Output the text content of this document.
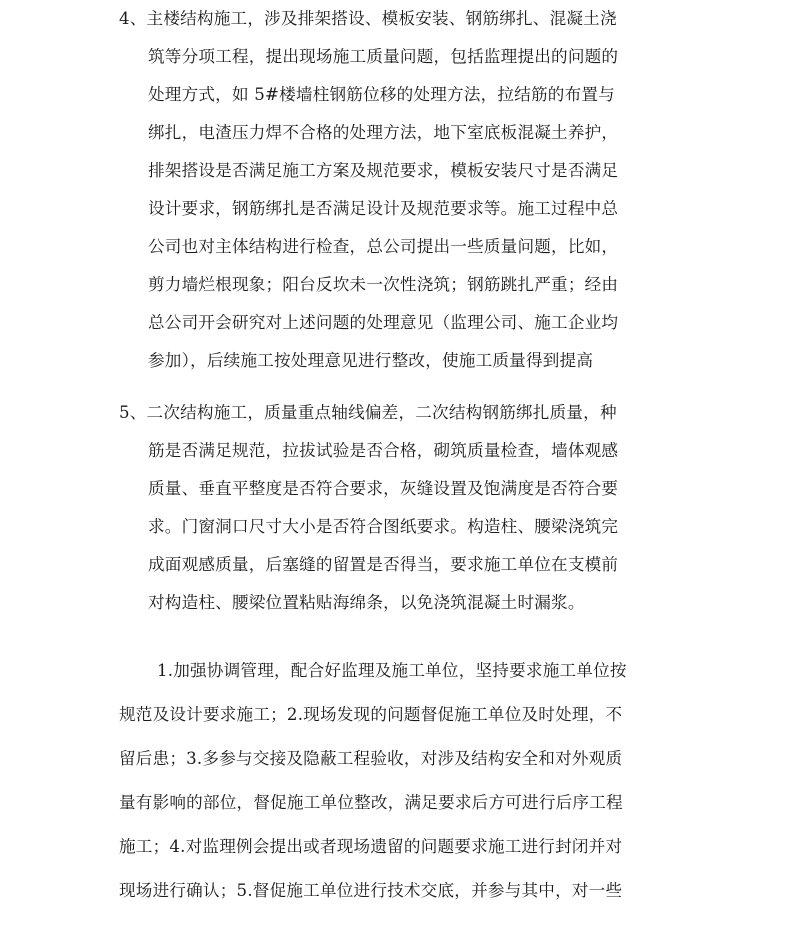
4、主楼结构施工，涉及排架搭设、模板安装、钢筋绑扎、混凝土浇
筑等分项工程，提出现场施工质量问题，包括监理提出的问题的
处理方式，如 5#楼墙柱钢筋位移的处理方法，拉结筋的布置与
绑扎，电渣压力焊不合格的处理方法，地下室底板混凝土养护，
排架搭设是否满足施工方案及规范要求，模板安装尺寸是否满足
设计要求，钢筋绑扎是否满足设计及规范要求等。施工过程中总
公司也对主体结构进行检查，总公司提出一些质量问题，比如，
剪力墙烂根现象；阳台反坎未一次性浇筑；钢筋跳扎严重；经由
总公司开会研究对上述问题的处理意见（监理公司、施工企业均
参加），后续施工按处理意见进行整改，使施工质量得到提高
5、二次结构施工，质量重点轴线偏差，二次结构钢筋绑扎质量，种
筋是否满足规范，拉拔试验是否合格，砌筑质量检查，墙体观感
质量、垂直平整度是否符合要求，灰缝设置及饱满度是否符合要
求。门窗洞口尺寸大小是否符合图纸要求。构造柱、腰梁浇筑完
成面观感质量，后塞缝的留置是否得当，要求施工单位在支模前
对构造柱、腰梁位置粘贴海绵条，以免浇筑混凝土时漏浆。
1.加强协调管理，配合好监理及施工单位，坚持要求施工单位按
规范及设计要求施工；2.现场发现的问题督促施工单位及时处理，不
留后患；3.多参与交接及隐蔽工程验收，对涉及结构安全和对外观质
量有影响的部位，督促施工单位整改，满足要求后方可进行后序工程
施工；4.对监理例会提出或者现场遗留的问题要求施工进行封闭并对
现场进行确认；5.督促施工单位进行技术交底，并参与其中，对一些
